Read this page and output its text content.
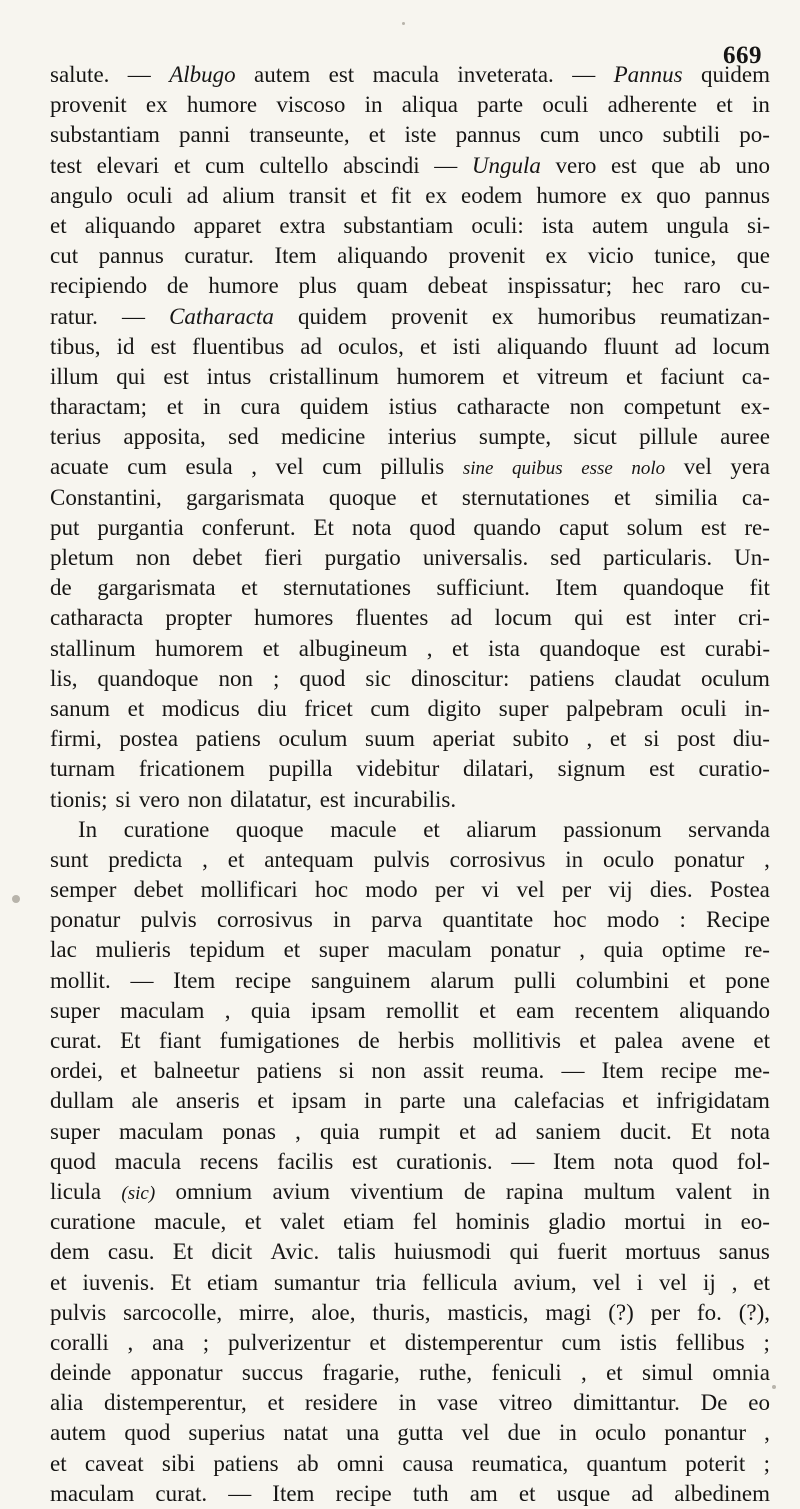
669
salute. — Albugo autem est macula inveterata. — Pannus quidem
provenit ex humore viscoso in aliqua parte oculi adherente et in
substantiam panni transeunte, et iste pannus cum unco subtili po-
test elevari et cum cultello abscindi — Ungula vero est que ab uno
angulo oculi ad alium transit et fit ex eodem humore ex quo pannus
et aliquando apparet extra substantiam oculi: ista autem ungula si-
cut pannus curatur. Item aliquando provenit ex vicio tunice, que
recipiendo de humore plus quam debeat inspissatur; hec raro cu-
ratur. — Catharacta quidem provenit ex humoribus reumatizan-
tibus, id est fluentibus ad oculos, et isti aliquando fluunt ad locum
illum qui est intus cristallinum humorem et vitreum et faciunt ca-
tharactam; et in cura quidem istius catharacte non competunt ex-
terius apposita, sed medicine interius sumpte, sicut pillule auree
acuate cum esula , vel cum pillulis sine quibus esse nolo vel yera
Constantini, gargarismata quoque et sternutationes et similia ca-
put purgantia conferunt. Et nota quod quando caput solum est re-
pletum non debet fieri purgatio universalis. sed particularis. Un-
de gargarismata et sternutationes sufficiunt. Item quandoque fit
catharacta propter humores fluentes ad locum qui est inter cri-
stallinum humorem et albugineum , et ista quandoque est curabi-
lis, quandoque non ; quod sic dinoscitur: patiens claudat oculum
sanum et modicus diu fricet cum digito super palpebram oculi in-
firmi, postea patiens oculum suum aperiat subito , et si post diu-
turnam fricationem pupilla videbitur dilatari, signum est curatio-
tionis; si vero non dilatatur, est incurabilis.
In curatione quoque macule et aliarum passionum servanda
sunt predicta , et antequam pulvis corrosivus in oculo ponatur ,
semper debet mollificari hoc modo per vi vel per vij dies. Postea
ponatur pulvis corrosivus in parva quantitate hoc modo : Recipe
lac mulieris tepidum et super maculam ponatur , quia optime re-
mollit. — Item recipe sanguinem alarum pulli columbini et pone
super maculam , quia ipsam remollit et eam recentem aliquando
curat. Et fiant fumigationes de herbis mollitivis et palea avene et
ordei, et balneetur patiens si non assit reuma. — Item recipe me-
dullam ale anseris et ipsam in parte una calefacias et infrigidatam
super maculam ponas , quia rumpit et ad saniem ducit. Et nota
quod macula recens facilis est curationis. — Item nota quod fol-
licula (sic) omnium avium viventium de rapina multum valent in
curatione macule, et valet etiam fel hominis gladio mortui in eo-
dem casu. Et dicit Avic. talis huiusmodi qui fuerit mortuus sanus
et iuvenis. Et etiam sumantur tria fellicula avium, vel i vel ij , et
pulvis sarcocolle, mirre, aloe, thuris, masticis, magi (?) per fo. (?),
coralli , ana ; pulverizentur et distemperentur cum istis fellibus ;
deinde apponatur succus fragarie, ruthe, feniculi , et simul omnia
alia distemperentur, et residere in vase vitreo dimittantur. De eo
autem quod superius natat una gutta vel due in oculo ponantur ,
et caveat sibi patiens ab omni causa reumatica, quantum poterit ;
maculam curat. — Item recipe tuth am et usque ad albedinem
